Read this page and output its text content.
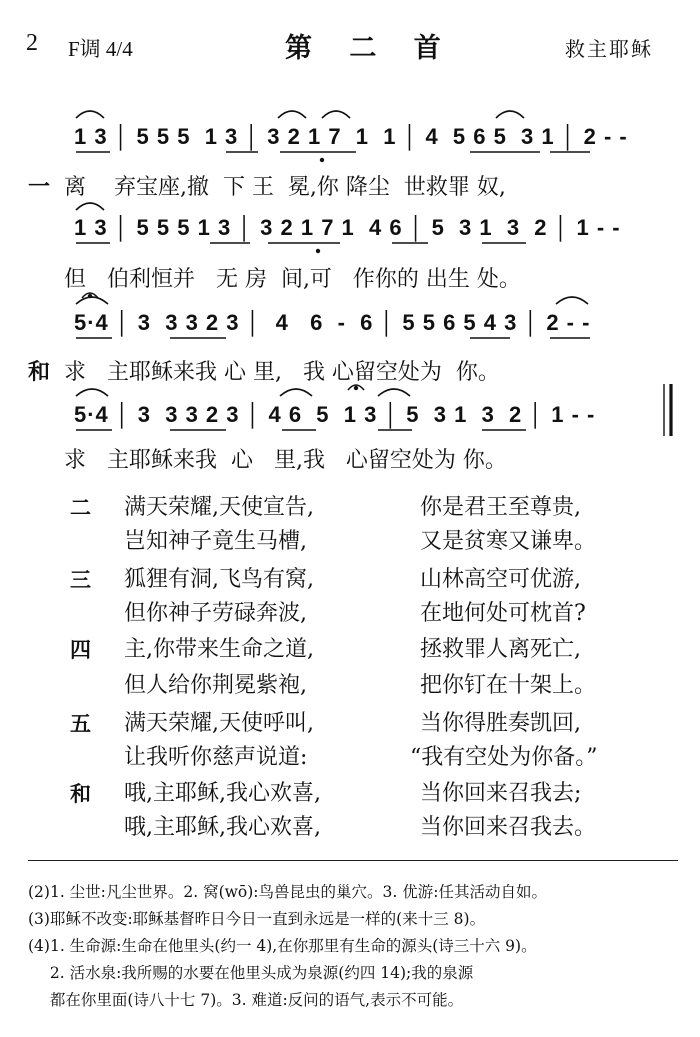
2 F调 4/4	第 二 首	救主耶稣
1 3 │ 5 5 5  1 3 │ 3 2 1 7  1  1 │ 4  5 6 5  3 1 │ 2 - -
一 离    弃宝座,撤  下 王  冕,你 降尘  世救罪 奴,
1 3 │ 5 5 5 1 3 │ 3 2 1 7 1  4 6 │ 5  3 1  3  2 │ 1 - -
但   伯利恒并   无 房  间,可   作你的 出生 处。
5·4 │ 3  3 3 2 3 │  4   6  -  6 │ 5 5 6 5 4 3 │ 2 - -
和 求   主耶稣来我 心 里,   我 心留空处为  你。
5·4 │ 3  3 3 2 3 │ 4 6  5  1 3 │ 5  3 1  3  2 │ 1 - -
求   主耶稣来我  心   里,我   心留空处为 你。
二 满天荣耀,天使宣告,	你是君王至尊贵,
岂知神子竟生马槽,	又是贫寒又谦卑。
三 狐狸有洞,飞鸟有窝,	山林高空可优游,
但你神子劳碌奔波,	在地何处可枕首?
四 主,你带来生命之道,	拯救罪人离死亡,
但人给你荆冕紫袍,	把你钉在十架上。
五 满天荣耀,天使呼叫,	当你得胜奏凯回,
让我听你慈声说道:	“我有空处为你备。”
和 哦,主耶稣,我心欢喜,	当你回来召我去;
哦,主耶稣,我心欢喜,	当你回来召我去。
(2)1. 尘世:凡尘世界。2. 窝(wō):鸟兽昆虫的巢穴。3. 优游:任其活动自如。
(3)耶稣不改变:耶稣基督昨日今日一直到永远是一样的(来十三 8)。
(4)1. 生命源:生命在他里头(约一 4),在你那里有生命的源头(诗三十六 9)。
2. 活水泉:我所赐的水要在他里头成为泉源(约四 14);我的泉源
都在你里面(诗八十七 7)。3. 难道:反问的语气,表示不可能。
